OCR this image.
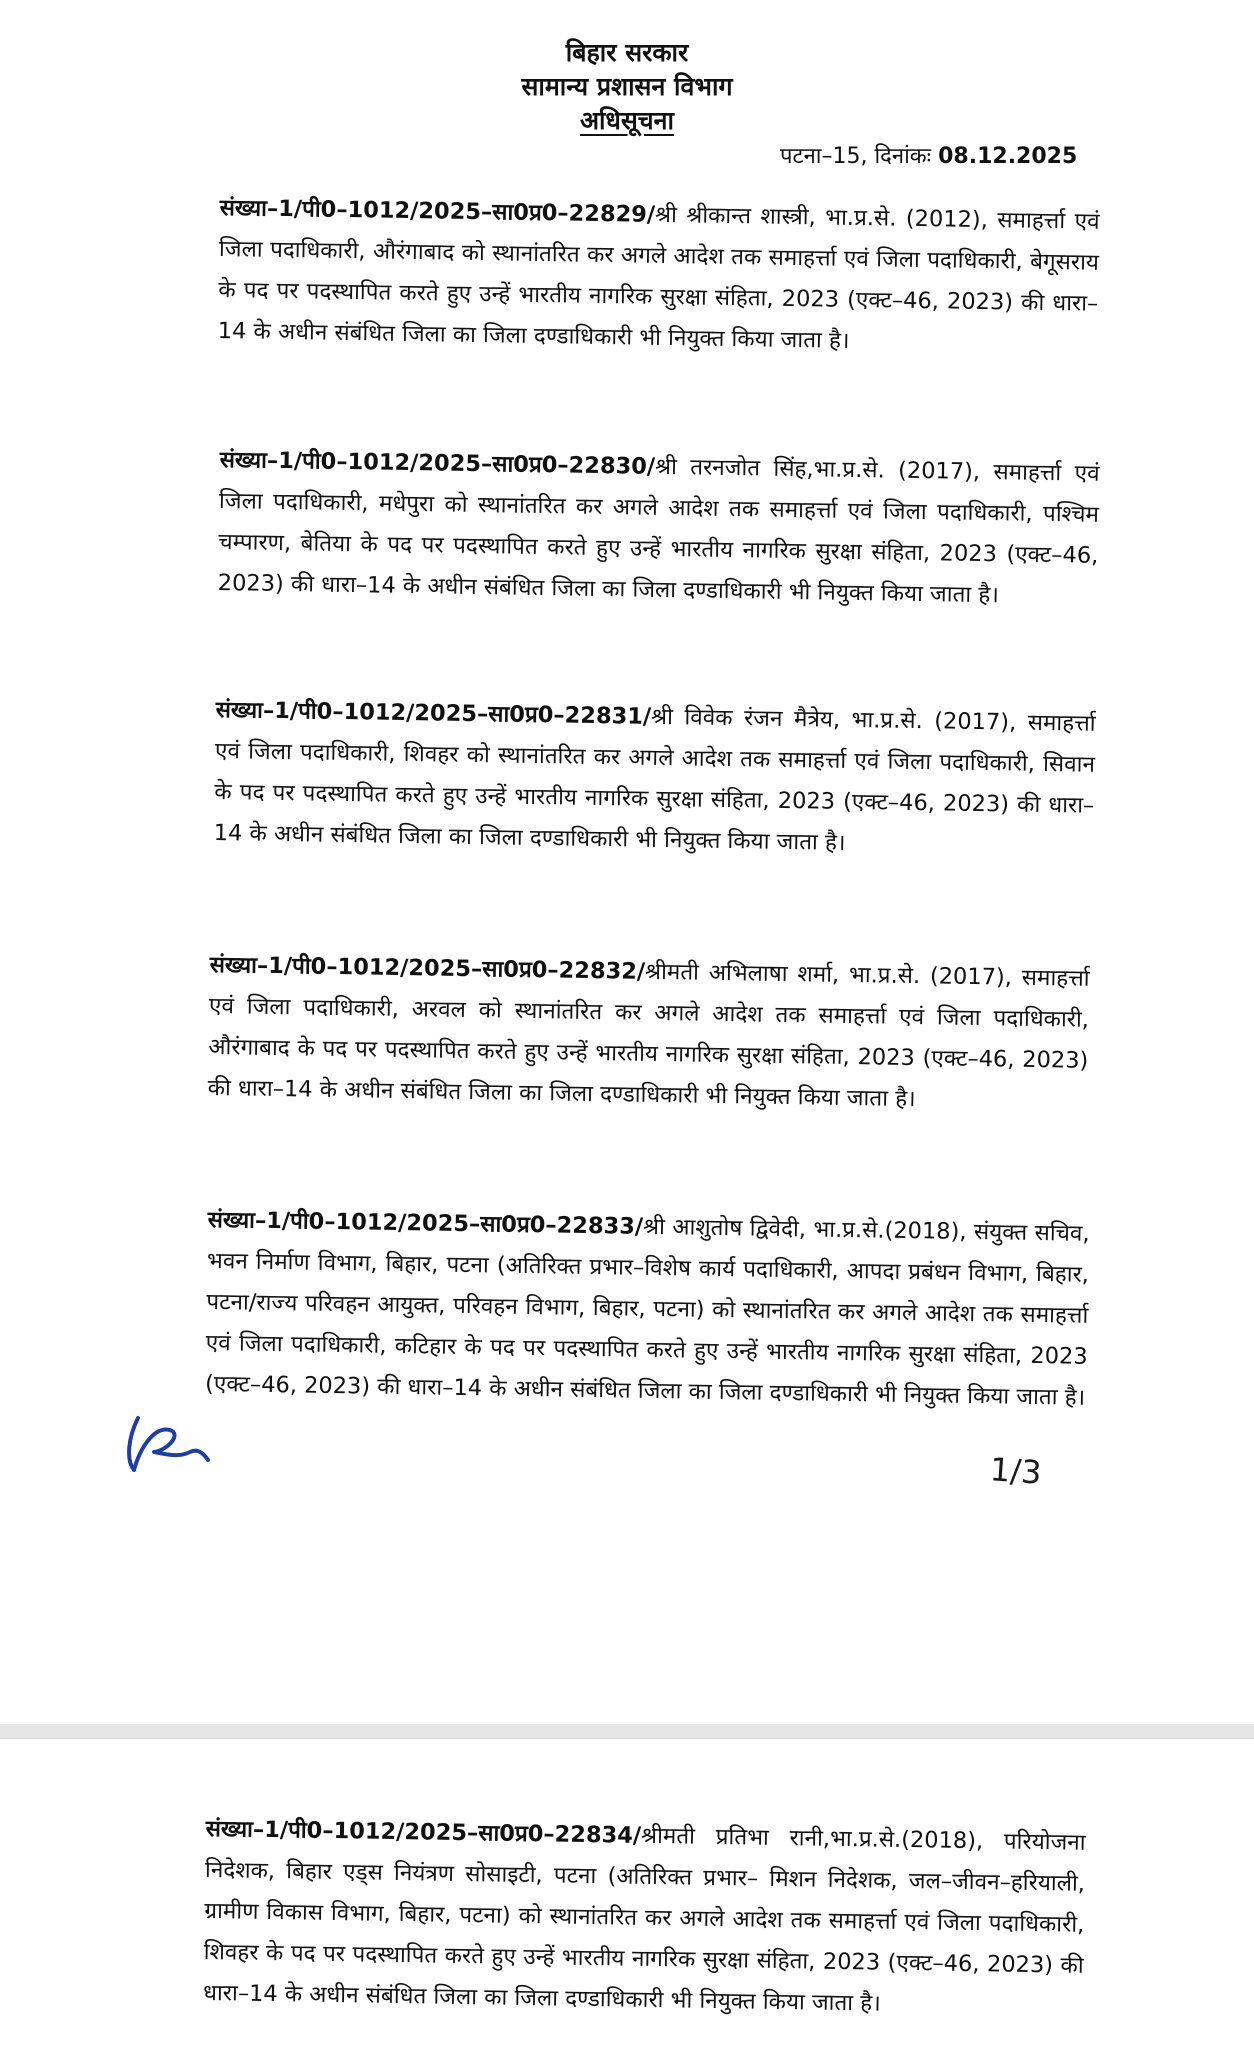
बिहार सरकार
सामान्य प्रशासन विभाग
अधिसूचना
पटना–15, दिनांकः 08.12.2025
संख्या–1/पी0–1012/2025–सा0प्र0–22829/श्री श्रीकान्त शास्त्री, भा.प्र.से. (2012), समाहर्त्ता एवं जिला पदाधिकारी, औरंगाबाद को स्थानांतरित कर अगले आदेश तक समाहर्त्ता एवं जिला पदाधिकारी, बेगूसराय के पद पर पदस्थापित करते हुए उन्हें भारतीय नागरिक सुरक्षा संहिता, 2023 (एक्ट–46, 2023) की धारा–14 के अधीन संबंधित जिला का जिला दण्डाधिकारी भी नियुक्त किया जाता है।
संख्या–1/पी0–1012/2025–सा0प्र0–22830/श्री तरनजोत सिंह,भा.प्र.से. (2017), समाहर्त्ता एवं जिला पदाधिकारी, मधेपुरा को स्थानांतरित कर अगले आदेश तक समाहर्त्ता एवं जिला पदाधिकारी, पश्चिम चम्पारण, बेतिया के पद पर पदस्थापित करते हुए उन्हें भारतीय नागरिक सुरक्षा संहिता, 2023 (एक्ट–46, 2023) की धारा–14 के अधीन संबंधित जिला का जिला दण्डाधिकारी भी नियुक्त किया जाता है।
संख्या–1/पी0–1012/2025–सा0प्र0–22831/श्री विवेक रंजन मैत्रेय, भा.प्र.से. (2017), समाहर्त्ता एवं जिला पदाधिकारी, शिवहर को स्थानांतरित कर अगले आदेश तक समाहर्त्ता एवं जिला पदाधिकारी, सिवान के पद पर पदस्थापित करते हुए उन्हें भारतीय नागरिक सुरक्षा संहिता, 2023 (एक्ट–46, 2023) की धारा–14 के अधीन संबंधित जिला का जिला दण्डाधिकारी भी नियुक्त किया जाता है।
संख्या–1/पी0–1012/2025–सा0प्र0–22832/श्रीमती अभिलाषा शर्मा, भा.प्र.से. (2017), समाहर्त्ता एवं जिला पदाधिकारी, अरवल को स्थानांतरित कर अगले आदेश तक समाहर्त्ता एवं जिला पदाधिकारी, औरंगाबाद के पद पर पदस्थापित करते हुए उन्हें भारतीय नागरिक सुरक्षा संहिता, 2023 (एक्ट–46, 2023) की धारा–14 के अधीन संबंधित जिला का जिला दण्डाधिकारी भी नियुक्त किया जाता है।
संख्या–1/पी0–1012/2025–सा0प्र0–22833/श्री आशुतोष द्विवेदी, भा.प्र.से.(2018), संयुक्त सचिव, भवन निर्माण विभाग, बिहार, पटना (अतिरिक्त प्रभार–विशेष कार्य पदाधिकारी, आपदा प्रबंधन विभाग, बिहार, पटना/राज्य परिवहन आयुक्त, परिवहन विभाग, बिहार, पटना) को स्थानांतरित कर अगले आदेश तक समाहर्त्ता एवं जिला पदाधिकारी, कटिहार के पद पर पदस्थापित करते हुए उन्हें भारतीय नागरिक सुरक्षा संहिता, 2023 (एक्ट–46, 2023) की धारा–14 के अधीन संबंधित जिला का जिला दण्डाधिकारी भी नियुक्त किया जाता है।
1/3
संख्या–1/पी0–1012/2025–सा0प्र0–22834/श्रीमती प्रतिभा रानी,भा.प्र.से.(2018), परियोजना निदेशक, बिहार एड्स नियंत्रण सोसाइटी, पटना (अतिरिक्त प्रभार– मिशन निदेशक, जल–जीवन–हरियाली, ग्रामीण विकास विभाग, बिहार, पटना) को स्थानांतरित कर अगले आदेश तक समाहर्त्ता एवं जिला पदाधिकारी, शिवहर के पद पर पदस्थापित करते हुए उन्हें भारतीय नागरिक सुरक्षा संहिता, 2023 (एक्ट–46, 2023) की धारा–14 के अधीन संबंधित जिला का जिला दण्डाधिकारी भी नियुक्त किया जाता है।
